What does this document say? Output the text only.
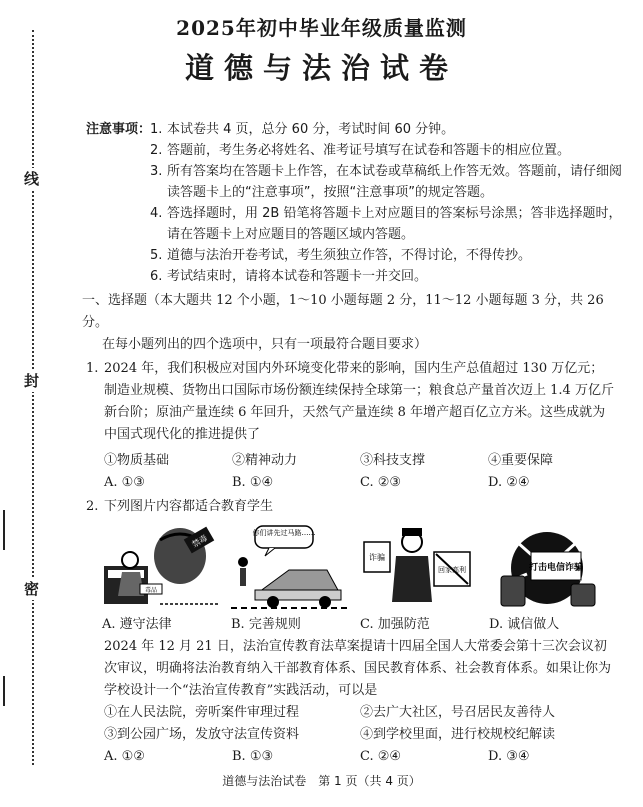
线
封
密
2025年初中毕业年级质量监测
道德与法治试卷
注意事项：
1. 本试卷共 4 页，总分 60 分，考试时间 60 分钟。
2. 答题前，考生务必将姓名、准考证号填写在试卷和答题卡的相应位置。
3. 所有答案均在答题卡上作答，在本试卷或草稿纸上作答无效。答题前，请仔细阅读答题卡上的“注意事项”，按照“注意事项”的规定答题。
4. 答选择题时，用 2B 铅笔将答题卡上对应题目的答案标号涂黑；答非选择题时，请在答题卡上对应题目的答题区域内答题。
5. 道德与法治开卷考试，考生须独立作答，不得讨论，不得传抄。
6. 考试结束时，请将本试卷和答题卡一并交回。
一、选择题（本大题共 12 个小题，1～10 小题每题 2 分，11～12 小题每题 3 分，共 26 分。
在每小题列出的四个选项中，只有一项最符合题目要求）
1. 2024 年，我们积极应对国内外环境变化带来的影响，国内生产总值超过 130 万亿元；制造业规模、货物出口国际市场份额连续保持全球第一；粮食总产量首次迈上 1.4 万亿斤新台阶；原油产量连续 6 年回升，天然气产量连续 8 年增产超百亿立方米。这些成就为中国式现代化的推进提供了
①物质基础	②精神动力	③科技支撑	④重要保障
A. ①③	B. ①④	C. ②③	D. ②④
2. 下列图片内容都适合教育学生
禁毒
毒品
A. 遵守法律
你们讲先过马路……
B. 完善规则
诈骗
回家高利
C. 加强防范
打击电信诈骗
D. 诚信做人
2024 年 12 月 21 日，法治宣传教育法草案提请十四届全国人大常委会第十三次会议初次审议，明确将法治教育纳入干部教育体系、国民教育体系、社会教育体系。如果让你为学校设计一个“法治宣传教育”实践活动，可以是
①在人民法院，旁听案件审理过程	②去广大社区，号召居民友善待人
③到公园广场，发放守法宣传资料	④到学校里面，进行校规校纪解读
A. ①②	B. ①③	C. ②④	D. ③④
道德与法治试卷　第 1 页（共 4 页）
